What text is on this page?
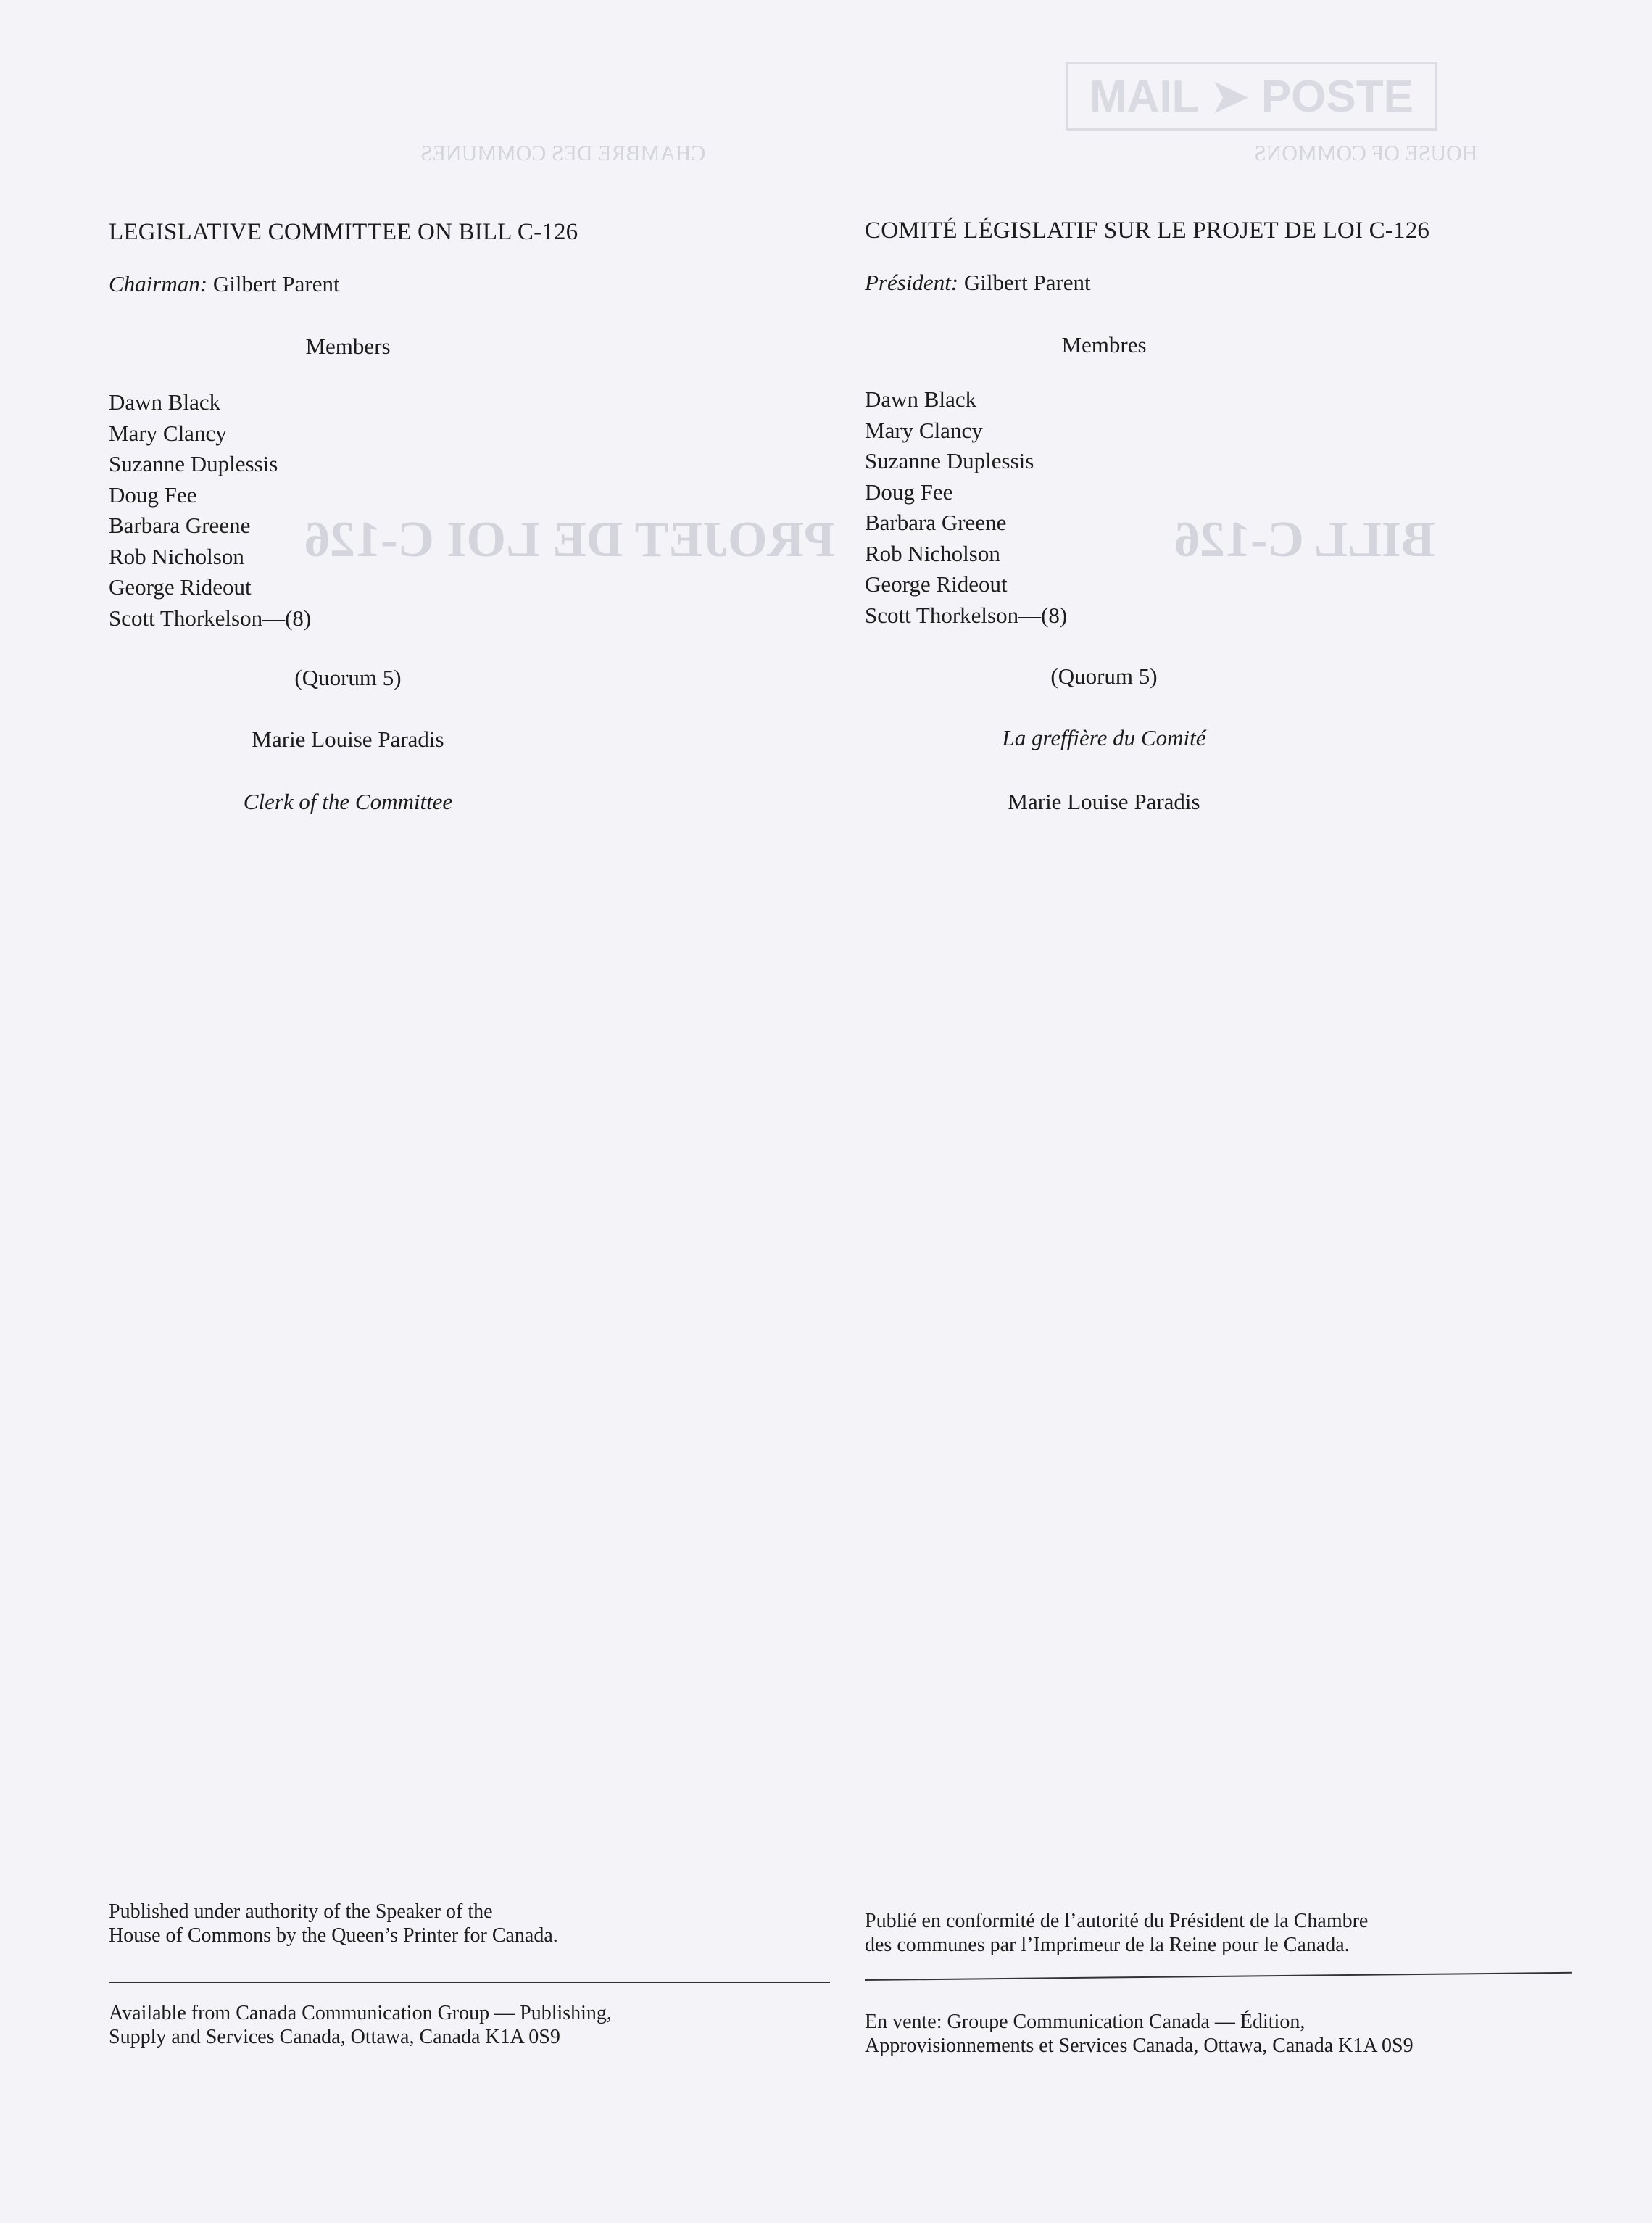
MAIL ➤ POSTE
CHAMBRE DES COMMUNES	HOUSE OF COMMONS
PROJET DE LOI C-126	BILL C-126
LEGISLATIVE COMMITTEE ON BILL C-126
Chairman: Gilbert Parent
Members
Dawn Black
Mary Clancy
Suzanne Duplessis
Doug Fee
Barbara Greene
Rob Nicholson
George Rideout
Scott Thorkelson—(8)
(Quorum 5)
Marie Louise Paradis
Clerk of the Committee
Published under authority of the Speaker of the
House of Commons by the Queen’s Printer for Canada.
Available from Canada Communication Group — Publishing,
Supply and Services Canada, Ottawa, Canada K1A 0S9
COMITÉ LÉGISLATIF SUR LE PROJET DE LOI C-126
Président: Gilbert Parent
Membres
Dawn Black
Mary Clancy
Suzanne Duplessis
Doug Fee
Barbara Greene
Rob Nicholson
George Rideout
Scott Thorkelson—(8)
(Quorum 5)
La greffière du Comité
Marie Louise Paradis
Publié en conformité de l’autorité du Président de la Chambre
des communes par l’Imprimeur de la Reine pour le Canada.
En vente: Groupe Communication Canada — Édition,
Approvisionnements et Services Canada, Ottawa, Canada K1A 0S9
